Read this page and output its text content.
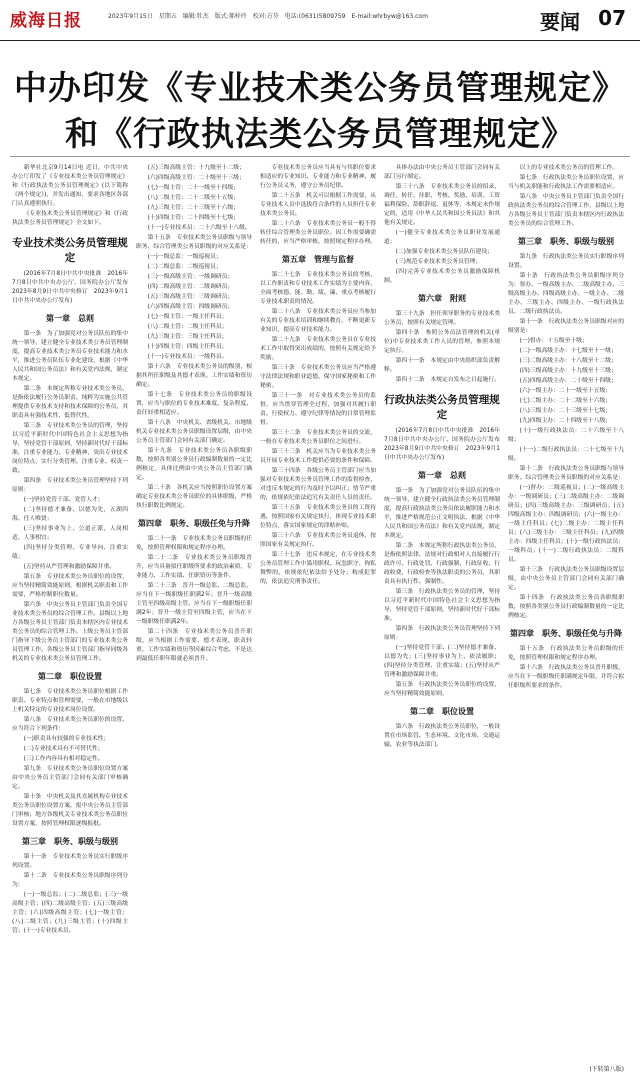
威海日报	2023年9月15日　星期五　编辑:牡杰　版式:郝梓玲　校对:方芬　电话:(0631)5809759　E-mail:whrbyw@163.com	要闻 07
中办印发《专业技术类公务员管理规定》
和《行政执法类公务员管理规定》

新华社北京9月14日电 近日，中共中央办公厅印发了《专业技术类公务员管理规定》和《行政执法类公务员管理规定》(以下简称《两个规定》)，并发出通知，要求各地区各部门认真遵照执行。

《专业技术类公务员管理规定》和《行政执法类公务员管理规定》全文如下。

专业技术类公务员管理规定

(2016年7月8日中共中央批准　2016年7月8日中共中央办公厅、国务院办公厅发布　2023年8月9日中共中央修订　2023年9月1日中共中央办公厅发布)

第一章　总则

第一条　为了加强党对公务员队伍的集中统一领导，建立健全专业技术类公务员管理制度，提高专业技术类公务员专业技术能力和水平，推进公务员队伍专业化建设，根据《中华人民共和国公务员法》和有关党内法规，制定本规定。

第二条　本规定所称专业技术类公务员，是指依法履行公务员职责、纯粹为实施公共管理提供专业技术支持和技术保障的公务员，其职责具有强技术性、低替代性。

第三条　专业技术类公务员的管理，坚持以习近平新时代中国特色社会主义思想为指导，坚持党管干部原则，坚持新时代好干部标准，注重专业能力、专业精神，突出专业技术岗位特点，实行分类管理、注重专业、权责一致。

第四条　专业技术类公务员管理坚持下列原则：

(一)坚持党管干部、党管人才；

(二)坚持德才兼备、以德为先，五湖四海、任人唯贤；

(三)坚持事业为上、公道正派，人岗相适、人事相宜；

(四)坚持分类管理、专业导向、注重实绩；

(五)坚持从严管理和激励保障并重。

第五条　专业技术类公务员职位的设置，应当坚持精简效能原则，根据机关职责和工作需要，严格控制职位数量。

第六条　中央公务员主管部门负责全国专业技术类公务员的综合管理工作。县级以上地方各级公务员主管部门负责本辖区内专业技术类公务员的综合管理工作。上级公务员主管部门指导下级公务员主管部门的专业技术类公务员管理工作。各级公务员主管部门指导同级各机关的专业技术类公务员管理工作。

第二章　职位设置

第七条　专业技术类公务员职位根据工作职责、专业特点和管理需要，一般在市地级以上机关特定的专业技术岗位设置。

第八条　专业技术类公务员职位的设置，应当符合下列条件：

(一)职责具有较强的专业技术性；

(二)专业技术具有不可替代性；

(三)工作内容具有相对稳定性。

第九条　专业技术类公务员职位设置方案由中央公务员主管部门会同有关部门审核确定。

第十条　中央机关及其直属机构专业技术类公务员职位设置方案，报中央公务员主管部门审核；地方各级机关专业技术类公务员职位设置方案，按照管理权限逐级报批。

第三章　职务、职级与级别

第十一条　专业技术类公务员实行职级序列设置。

第十二条　专业技术类公务员职级序列分为：

(一)一级总监；(二)二级总监；(三)一级高级主管；(四)二级高级主管；(五)三级高级主管；(六)四级高级主管；(七)一级主管；(八)二级主管；(九)三级主管；(十)四级主管；(十一)专业技术员。

(五)三级高级主管：十九级至十二级；

(六)四级高级主管：二十级至十三级；

(七)一级主管：二十一级至十四级；

(八)二级主管：二十二级至十五级；

(九)三级主管：二十三级至十六级；

(十)四级主管：二十四级至十七级；

(十一)专业技术员：二十六级至十八级。

第十五条　专业技术类公务员职级与领导职务、综合管理类公务员职级的对应关系是：

(一)一级总监：一级巡视员；

(二)二级总监：二级巡视员；

(三)一级高级主管：一级调研员；

(四)二级高级主管：二级调研员；

(五)三级高级主管：三级调研员；

(六)四级高级主管：四级调研员；

(七)一级主管：一级主任科员；

(八)二级主管：二级主任科员；

(九)三级主管：三级主任科员；

(十)四级主管：四级主任科员；

(十一)专业技术员：一级科员。

第十六条　专业技术类公务员的级别，根据其所任职级及其德才表现、工作实绩和资历确定。

第十七条　专业技术类公务员的职级设置，应当与职位的专业技术难度、复杂程度、责任轻重相适应。

第十八条　中央机关、省级机关、市地级机关专业技术类公务员职级设置层级，由中央公务员主管部门会同有关部门确定。

第十九条　专业技术类公务员各职级职数，按照各类别公务员行政编制数量的一定比例核定，具体比例由中央公务员主管部门确定。

第二十条　各机关应当按照职位设置方案确定专业技术类公务员职位的具体职级，严格执行职数比例规定。

第四章　职务、职级任免与升降

第二十一条　专业技术类公务员职级的任免，按照管理权限和规定程序办理。

第二十二条　专业技术类公务员职级晋升，应当具备拟任职级所要求的政治素质、专业能力、工作实绩、任职资历等条件。

第二十三条　晋升一级总监、二级总监，应当在下一级职级任职满2年；晋升一级高级主管至四级高级主管，应当在下一级职级任职满2年；晋升一级主管至四级主管，应当在下一级职级任职满2年。

第二十四条　专业技术类公务员晋升职级，应当根据工作需要、德才表现、职责轻重、工作实绩和资历等因素综合考虑，不是达到最低任职年限就必须晋升。

专业技术类公务员应当具有与其职位要求相适应的专业知识、专业能力和专业精神，履行公务员义务，遵守公务员纪律。

第二十五条　机关可以根据工作需要，从专业技术人员中选拔符合条件的人员担任专业技术类公务员。

第二十六条　专业技术类公务员一般不得转任综合管理类公务员职位。因工作需要确需转任的，应当严格审核，按照规定程序办理。

第五章　管理与监督

第二十七条　专业技术类公务员的考核，以工作职责和专业技术工作实绩为主要内容，全面考核德、能、勤、绩、廉，重点考核履行专业技术职责的情况。

第二十八条　专业技术类公务员应当参加有关的专业技术培训和继续教育，不断更新专业知识，提高专业技术能力。

第二十九条　专业技术类公务员在专业技术工作中取得突出成绩的，按照有关规定给予奖励。

第三十条　专业技术类公务员应当严格遵守法律法规和职业道德，保守国家秘密和工作秘密。

第三十一条　对专业技术类公务员的监督，应当贯穿管理全过程，加强对其履行职责、行使权力、遵守纪律等情况的日常管理监督。

第三十二条　专业技术类公务员的交流，一般在专业技术类公务员职位之间进行。

第三十三条　机关应当为专业技术类公务员开展专业技术工作提供必要的条件和保障。

第三十四条　各级公务员主管部门应当加强对专业技术类公务员管理工作的监督检查，对违反本规定的行为及时予以纠正；情节严重的，依规依纪依法追究有关责任人员的责任。

第三十五条　专业技术类公务员的工资待遇，按照国家有关规定执行，体现专业技术职位特点，落实国家规定的津贴补贴。

第三十六条　专业技术类公务员退休，按照国家有关规定执行。

第三十七条　违反本规定，在专业技术类公务员管理工作中滥用职权、玩忽职守、徇私舞弊的，依规依纪依法给予处分；构成犯罪的，依法追究刑事责任。

具体办法由中央公务员主管部门会同有关部门另行制定。

第三十八条　专业技术类公务员的招录、调任、转任、挂职、考核、奖励、培训、工资福利保险、辞职辞退、退休等，本规定未作规定的，适用《中华人民共和国公务员法》和其他有关规定。

(一)健全专业技术类公务员职业发展通道；

(二)加强专业技术类公务员队伍建设；

(三)规范专业技术类公务员管理；

(四)完善专业技术类公务员激励保障机制。

第六章　附则

第三十九条　担任领导职务的专业技术类公务员，按照有关规定管理。

第四十条　参照公务员法管理的机关(单位)中专业技术类工作人员的管理，参照本规定执行。

第四十一条　本规定由中央组织部负责解释。

第四十二条　本规定自发布之日起施行。

行政执法类公务员管理规定

(2016年7月8日中共中央批准　2016年7月8日中共中央办公厅、国务院办公厅发布　2023年8月9日中共中央修订　2023年9月1日中共中央办公厅发布)

第一章　总则

第一条　为了加强党对公务员队伍的集中统一领导，建立健全行政执法类公务员管理制度，提高行政执法类公务员依法履职能力和水平，推进严格规范公正文明执法，根据《中华人民共和国公务员法》和有关党内法规，制定本规定。

第二条　本规定所称行政执法类公务员，是指依照法律、法规对行政相对人直接履行行政许可、行政处罚、行政强制、行政征收、行政收费、行政检查等执法职责的公务员，其职责具有执行性、强制性。

第三条　行政执法类公务员的管理，坚持以习近平新时代中国特色社会主义思想为指导，坚持党管干部原则，坚持新时代好干部标准。

第四条　行政执法类公务员管理坚持下列原则：

(一)坚持党管干部；(二)坚持德才兼备、以德为先；(三)坚持事业为上、依法履职；(四)坚持分类管理、注重实绩；(五)坚持从严管理和激励保障并重。

第五条　行政执法类公务员职位的设置，应当坚持精简效能原则。

第二章　职位设置

第六条　行政执法类公务员职位，一般设置在市场监管、生态环境、文化市场、交通运输、农业等执法部门。

以上的专业技术类公务员的管理工作。

第七条　行政执法类公务员职位设置，应当与机关职能和行政执法工作需要相适应。

第八条　中央公务员主管部门负责全国行政执法类公务员的综合管理工作，县级以上地方各级公务员主管部门负责本辖区内行政执法类公务员的综合管理工作。

第三章　职务、职级与级别

第九条　行政执法类公务员实行职级序列设置。

第十条　行政执法类公务员职级序列分为：督办、一级高级主办、二级高级主办、三级高级主办、四级高级主办、一级主办、二级主办、三级主办、四级主办、一级行政执法员、二级行政执法员。

第十一条　行政执法类公务员职级对应的级别是：

(一)督办：十五级至十级；

(二)一级高级主办：十七级至十一级；

(三)二级高级主办：十八级至十二级；

(四)三级高级主办：十九级至十三级；

(五)四级高级主办：二十级至十四级；

(六)一级主办：二十一级至十五级；

(七)二级主办：二十二级至十六级；

(八)三级主办：二十三级至十七级；

(九)四级主办：二十四级至十八级；

(十)一级行政执法员：二十六级至十八级；

(十一)二级行政执法员：二十七级至十九级。

第十二条　行政执法类公务员职级与领导职务、综合管理类公务员职级的对应关系是：

(一)督办：二级巡视员；(二)一级高级主办：一级调研员；(三)二级高级主办：二级调研员；(四)三级高级主办：三级调研员；(五)四级高级主办：四级调研员；(六)一级主办：一级主任科员；(七)二级主办：二级主任科员；(八)三级主办：三级主任科员；(九)四级主办：四级主任科员；(十)一级行政执法员：一级科员；(十一)二级行政执法员：二级科员。

第十三条　行政执法类公务员职级设置层级，由中央公务员主管部门会同有关部门确定。

第十四条　行政执法类公务员各职级职数，按照各类别公务员行政编制数量的一定比例核定。

第四章　职务、职级任免与升降

第十五条　行政执法类公务员职级的任免，按照管理权限和规定程序办理。

第十六条　行政执法类公务员晋升职级，应当在下一级职级任职满规定年限，并符合拟任职级所要求的条件。

(下转第八版)
